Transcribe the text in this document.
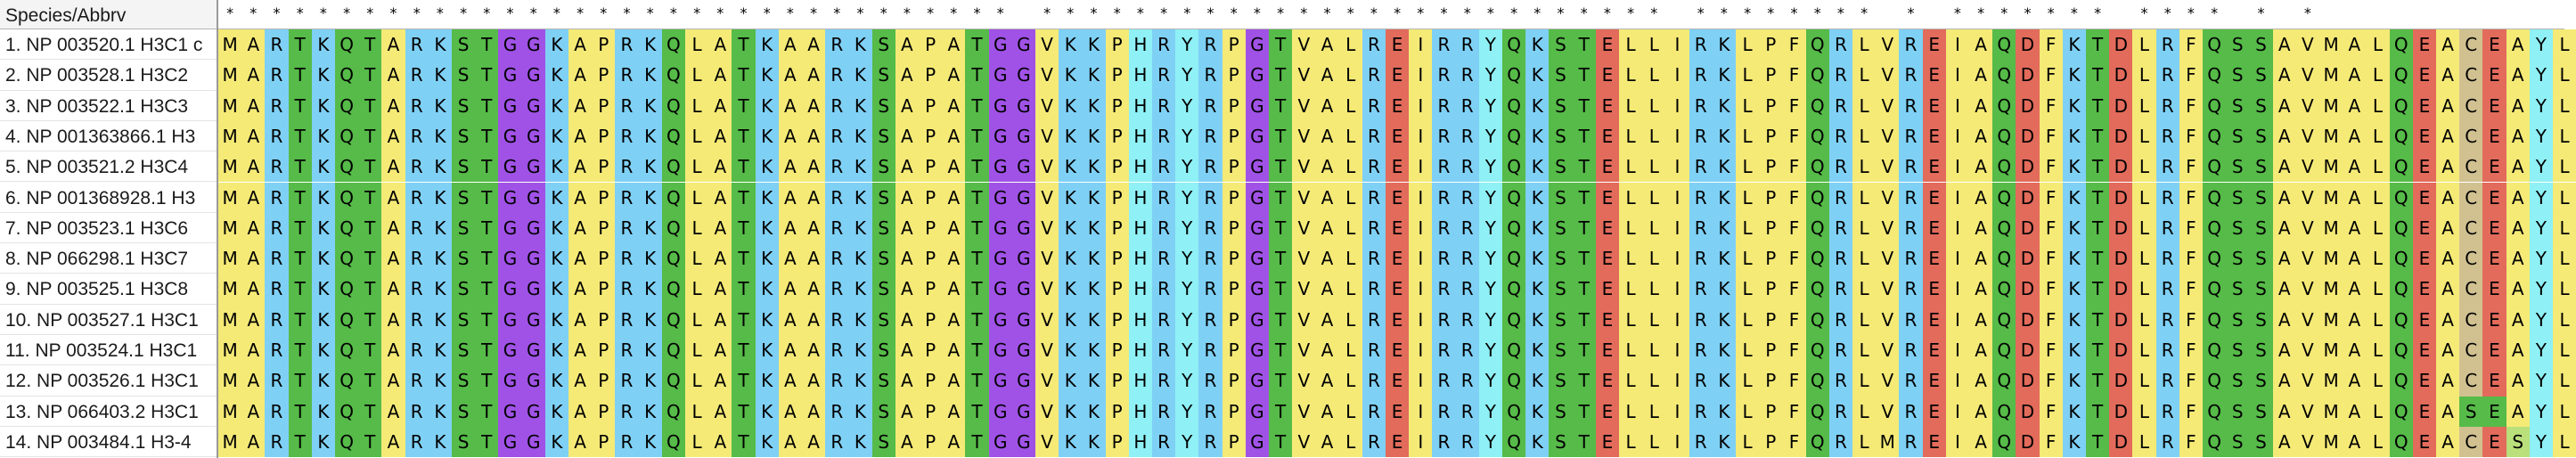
Species/Abbrv	*	*	*	*	*	*	*	*	*	*	*	*	*	*	*	*	*	*	*	*	*	*	*	*	*	*	*	*	*	*	*	*	*	*	*	*	*	*	*	*	*	*	*	*	*	*	*	*	*	*	*	*	*	*	*	*	*	*	*	*	*	*	*	*	*	*	*	*	*	*	*	*	*	*	*	*	*	*	*	*	*	*	*
1. NP 003520.1 H3C1 c	M A R T K Q T A R K S T G G K A P R K Q L A T K A A R K S A P A T G G V K K P H R Y R P G T V A L R E I R R Y Q K S T E L L I R K L P F Q R L V R E I A Q D F K T D L R F Q S S A V M A L Q E A C E A Y L
2. NP 003528.1 H3C2	M A R T K Q T A R K S T G G K A P R K Q L A T K A A R K S A P A T G G V K K P H R Y R P G T V A L R E I R R Y Q K S T E L L I R K L P F Q R L V R E I A Q D F K T D L R F Q S S A V M A L Q E A C E A Y L
3. NP 003522.1 H3C3	M A R T K Q T A R K S T G G K A P R K Q L A T K A A R K S A P A T G G V K K P H R Y R P G T V A L R E I R R Y Q K S T E L L I R K L P F Q R L V R E I A Q D F K T D L R F Q S S A V M A L Q E A C E A Y L
4. NP 001363866.1 H3	M A R T K Q T A R K S T G G K A P R K Q L A T K A A R K S A P A T G G V K K P H R Y R P G T V A L R E I R R Y Q K S T E L L I R K L P F Q R L V R E I A Q D F K T D L R F Q S S A V M A L Q E A C E A Y L
5. NP 003521.2 H3C4	M A R T K Q T A R K S T G G K A P R K Q L A T K A A R K S A P A T G G V K K P H R Y R P G T V A L R E I R R Y Q K S T E L L I R K L P F Q R L V R E I A Q D F K T D L R F Q S S A V M A L Q E A C E A Y L
6. NP 001368928.1 H3	M A R T K Q T A R K S T G G K A P R K Q L A T K A A R K S A P A T G G V K K P H R Y R P G T V A L R E I R R Y Q K S T E L L I R K L P F Q R L V R E I A Q D F K T D L R F Q S S A V M A L Q E A C E A Y L
7. NP 003523.1 H3C6	M A R T K Q T A R K S T G G K A P R K Q L A T K A A R K S A P A T G G V K K P H R Y R P G T V A L R E I R R Y Q K S T E L L I R K L P F Q R L V R E I A Q D F K T D L R F Q S S A V M A L Q E A C E A Y L
8. NP 066298.1 H3C7	M A R T K Q T A R K S T G G K A P R K Q L A T K A A R K S A P A T G G V K K P H R Y R P G T V A L R E I R R Y Q K S T E L L I R K L P F Q R L V R E I A Q D F K T D L R F Q S S A V M A L Q E A C E A Y L
9. NP 003525.1 H3C8	M A R T K Q T A R K S T G G K A P R K Q L A T K A A R K S A P A T G G V K K P H R Y R P G T V A L R E I R R Y Q K S T E L L I R K L P F Q R L V R E I A Q D F K T D L R F Q S S A V M A L Q E A C E A Y L
10. NP 003527.1 H3C1	M A R T K Q T A R K S T G G K A P R K Q L A T K A A R K S A P A T G G V K K P H R Y R P G T V A L R E I R R Y Q K S T E L L I R K L P F Q R L V R E I A Q D F K T D L R F Q S S A V M A L Q E A C E A Y L
11. NP 003524.1 H3C1	M A R T K Q T A R K S T G G K A P R K Q L A T K A A R K S A P A T G G V K K P H R Y R P G T V A L R E I R R Y Q K S T E L L I R K L P F Q R L V R E I A Q D F K T D L R F Q S S A V M A L Q E A C E A Y L
12. NP 003526.1 H3C1	M A R T K Q T A R K S T G G K A P R K Q L A T K A A R K S A P A T G G V K K P H R Y R P G T V A L R E I R R Y Q K S T E L L I R K L P F Q R L V R E I A Q D F K T D L R F Q S S A V M A L Q E A C E A Y L
13. NP 066403.2 H3C1	M A R T K Q T A R K S T G G K A P R K Q L A T K A A R K S A P A T G G V K K P H R Y R P G T V A L R E I R R Y Q K S T E L L I R K L P F Q R L V R E I A Q D F K T D L R F Q S S A V M A L Q E A S E A Y L
14. NP 003484.1 H3-4	M A R T K Q T A R K S T G G K A P R K Q L A T K A A R K S A P A T G G V K K P H R Y R P G T V A L R E I R R Y Q K S T E L L I R K L P F Q R L M R E I A Q D F K T D L R F Q S S A V M A L Q E A C E S Y L
